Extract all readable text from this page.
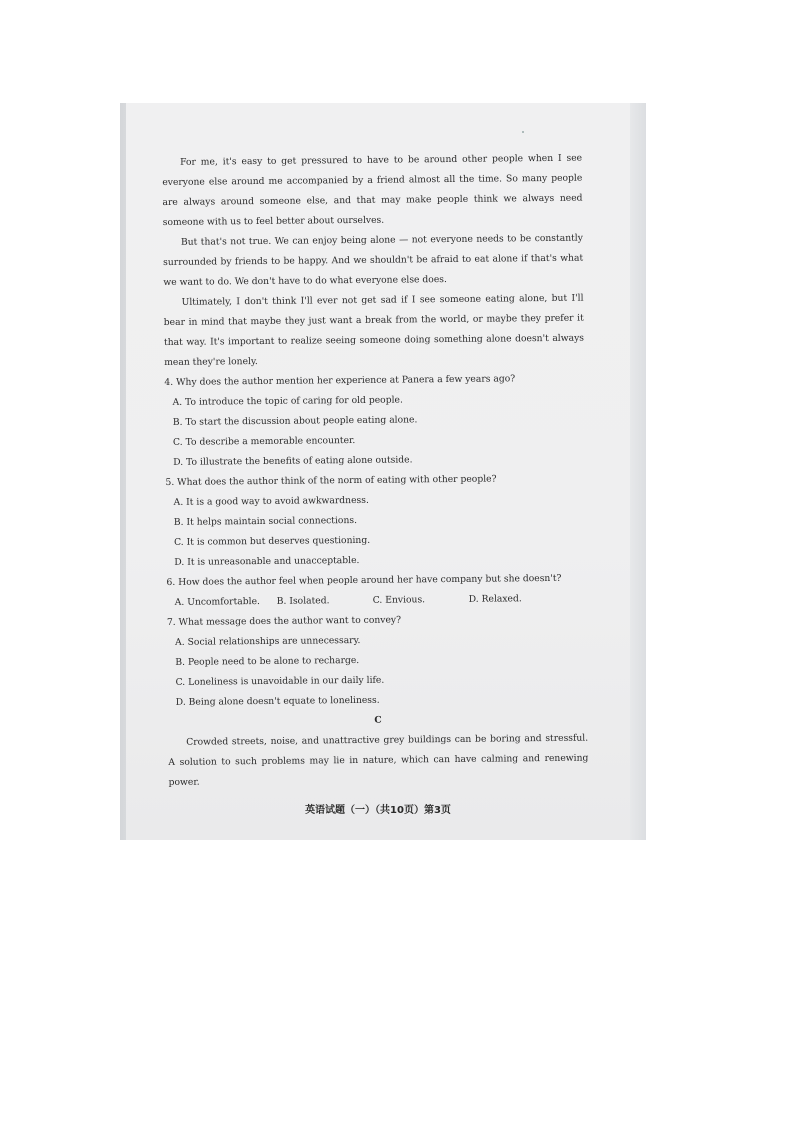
For me, it's easy to get pressured to have to be around other people when I see everyone else around me accompanied by a friend almost all the time. So many people are always around someone else, and that may make people think we always need someone with us to feel better about ourselves.

But that's not true. We can enjoy being alone — not everyone needs to be constantly surrounded by friends to be happy. And we shouldn't be afraid to eat alone if that's what we want to do. We don't have to do what everyone else does.

Ultimately, I don't think I'll ever not get sad if I see someone eating alone, but I'll bear in mind that maybe they just want a break from the world, or maybe they prefer it that way. It's important to realize seeing someone doing something alone doesn't always mean they're lonely.

4. Why does the author mention her experience at Panera a few years ago?

A. To introduce the topic of caring for old people.

B. To start the discussion about people eating alone.

C. To describe a memorable encounter.

D. To illustrate the benefits of eating alone outside.

5. What does the author think of the norm of eating with other people?

A. It is a good way to avoid awkwardness.

B. It helps maintain social connections.

C. It is common but deserves questioning.

D. It is unreasonable and unacceptable.

6. How does the author feel when people around her have company but she doesn't?

A. Uncomfortable.	B. Isolated.	C. Envious.	D. Relaxed.

7. What message does the author want to convey?

A. Social relationships are unnecessary.

B. People need to be alone to recharge.

C. Loneliness is unavoidable in our daily life.

D. Being alone doesn't equate to loneliness.

C

Crowded streets, noise, and unattractive grey buildings can be boring and stressful. A solution to such problems may lie in nature, which can have calming and renewing power.

英语试题（一）（共10页）第3页
